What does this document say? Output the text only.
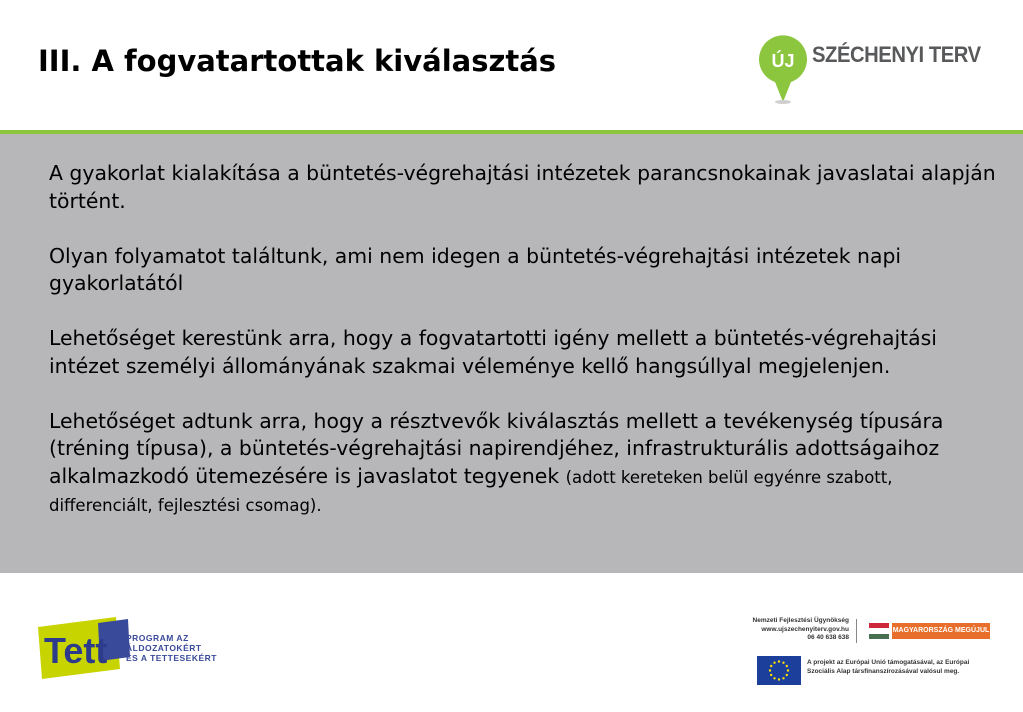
III. A fogvatartottak kiválasztás	ÚJ SZÉCHENYI TERV

A gyakorlat kialakítása a büntetés-végrehajtási intézetek parancsnokainak javaslatai alapján történt.

Olyan folyamatot találtunk, ami nem idegen a büntetés-végrehajtási intézetek napi gyakorlatától

Lehetőséget kerestünk arra, hogy a fogvatartotti igény mellett a büntetés-végrehajtási intézet személyi állományának szakmai véleménye kellő hangsúllyal megjelenjen.

Lehetőséget adtunk arra, hogy a résztvevők kiválasztás mellett a tevékenység típusára (tréning típusa), a büntetés-végrehajtási napirendjéhez, infrastrukturális adottságaihoz alkalmazkodó ütemezésére is javaslatot tegyenek (adott kereteken belül egyénre szabott, differenciált, fejlesztési csomag).

Tett PROGRAM AZ
ÁLDOZATOKÉRT
ÉS A TETTESEKÉRT
Nemzeti Fejlesztési Ügynökség
www.ujszechenyiterv.gov.hu
06 40 638 638
MAGYARORSZÁG MEGÚJUL
A projekt az Európai Unió támogatásával, az Európai
Szociális Alap társfinanszírozásával valósul meg.
